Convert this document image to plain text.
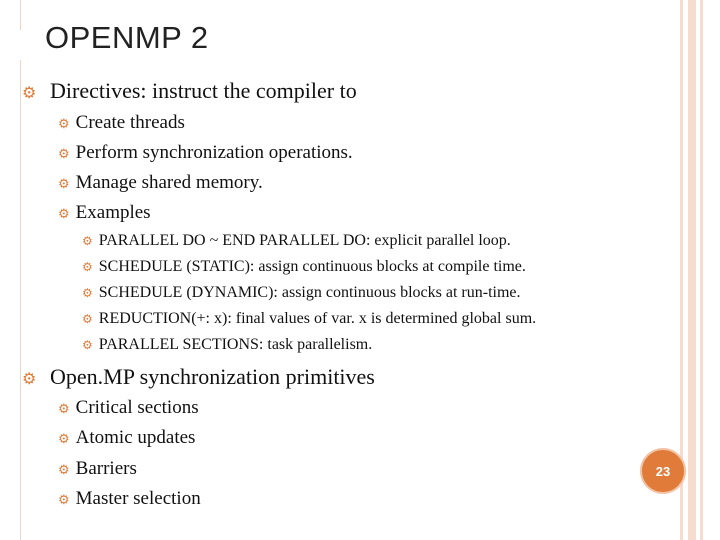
OPENMP 2
⚙ Directives: instruct the compiler to
⚙ Create threads
⚙ Perform synchronization operations.
⚙ Manage shared memory.
⚙ Examples
⚙ PARALLEL DO ~ END PARALLEL DO: explicit parallel loop.
⚙ SCHEDULE (STATIC): assign continuous blocks at compile time.
⚙ SCHEDULE (DYNAMIC): assign continuous blocks at run-time.
⚙ REDUCTION(+: x): final values of var. x is determined global sum.
⚙ PARALLEL SECTIONS: task parallelism.
⚙ Open.MP synchronization primitives
⚙ Critical sections
⚙ Atomic updates
⚙ Barriers
⚙ Master selection
23
